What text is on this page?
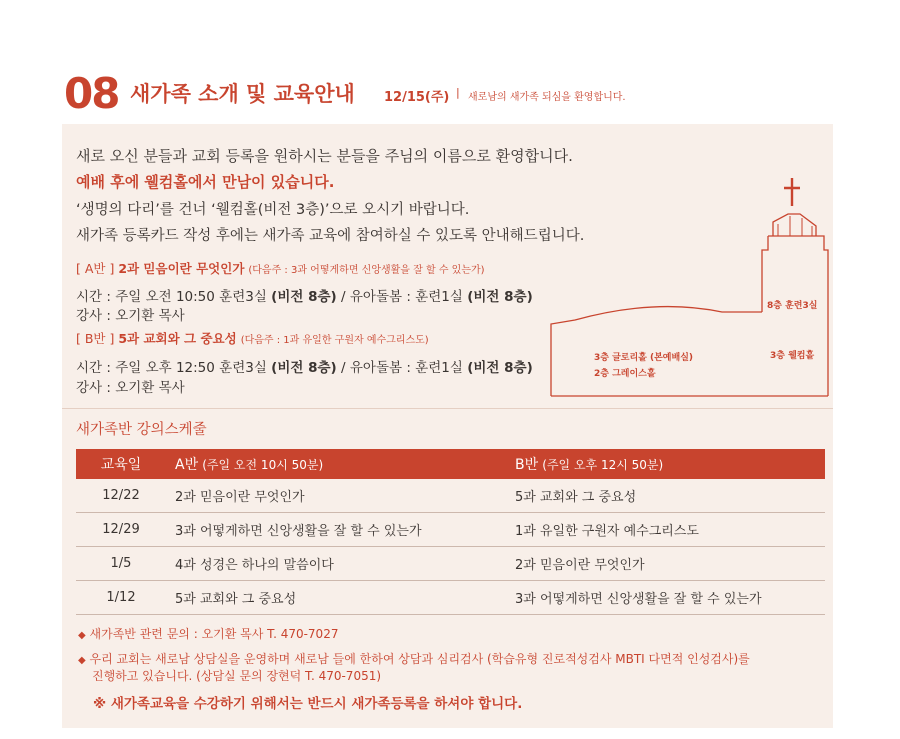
08 새가족 소개 및 교육안내 12/15(주) | 새로남의 새가족 되심을 환영합니다.
새로 오신 분들과 교회 등록을 원하시는 분들을 주님의 이름으로 환영합니다.
예배 후에 웰컴홀에서 만남이 있습니다.
‘생명의 다리’를 건너 ‘웰컴홀(비전 3층)’으로 오시기 바랍니다.
새가족 등록카드 작성 후에는 새가족 교육에 참여하실 수 있도록 안내해드립니다.
[ A반 ] 2과 믿음이란 무엇인가 (다음주 : 3과 어떻게하면 신앙생활을 잘 할 수 있는가)
시간 : 주일 오전 10:50 훈련3실 (비전 8층) / 유아돌봄 : 훈련1실 (비전 8층)
강사 : 오기환 목사
[ B반 ] 5과 교회와 그 중요성 (다음주 : 1과 유일한 구원자 예수그리스도)
시간 : 주일 오후 12:50 훈련3실 (비전 8층) / 유아돌봄 : 훈련1실 (비전 8층)
강사 : 오기환 목사
8층 훈련3실
3층 웰컴홀
3층 글로리홀 (본예배실)
2층 그레이스홀
새가족반 강의스케줄
교육일	A반 (주일 오전 10시 50분)	B반 (주일 오후 12시 50분)
12/22	2과 믿음이란 무엇인가	5과 교회와 그 중요성
12/29	3과 어떻게하면 신앙생활을 잘 할 수 있는가	1과 유일한 구원자 예수그리스도
1/5	4과 성경은 하나의 말씀이다	2과 믿음이란 무엇인가
1/12	5과 교회와 그 중요성	3과 어떻게하면 신앙생활을 잘 할 수 있는가
◆ 새가족반 관련 문의 : 오기환 목사 T. 470-7027
◆ 우리 교회는 새로남 상담실을 운영하며 새로남 들에 한하여 상담과 심리검사 (학습유형 진로적성검사 MBTI 다면적 인성검사)를
진행하고 있습니다. (상담실 문의 장현덕 T. 470-7051)
※ 새가족교육을 수강하기 위해서는 반드시 새가족등록을 하셔야 합니다.
